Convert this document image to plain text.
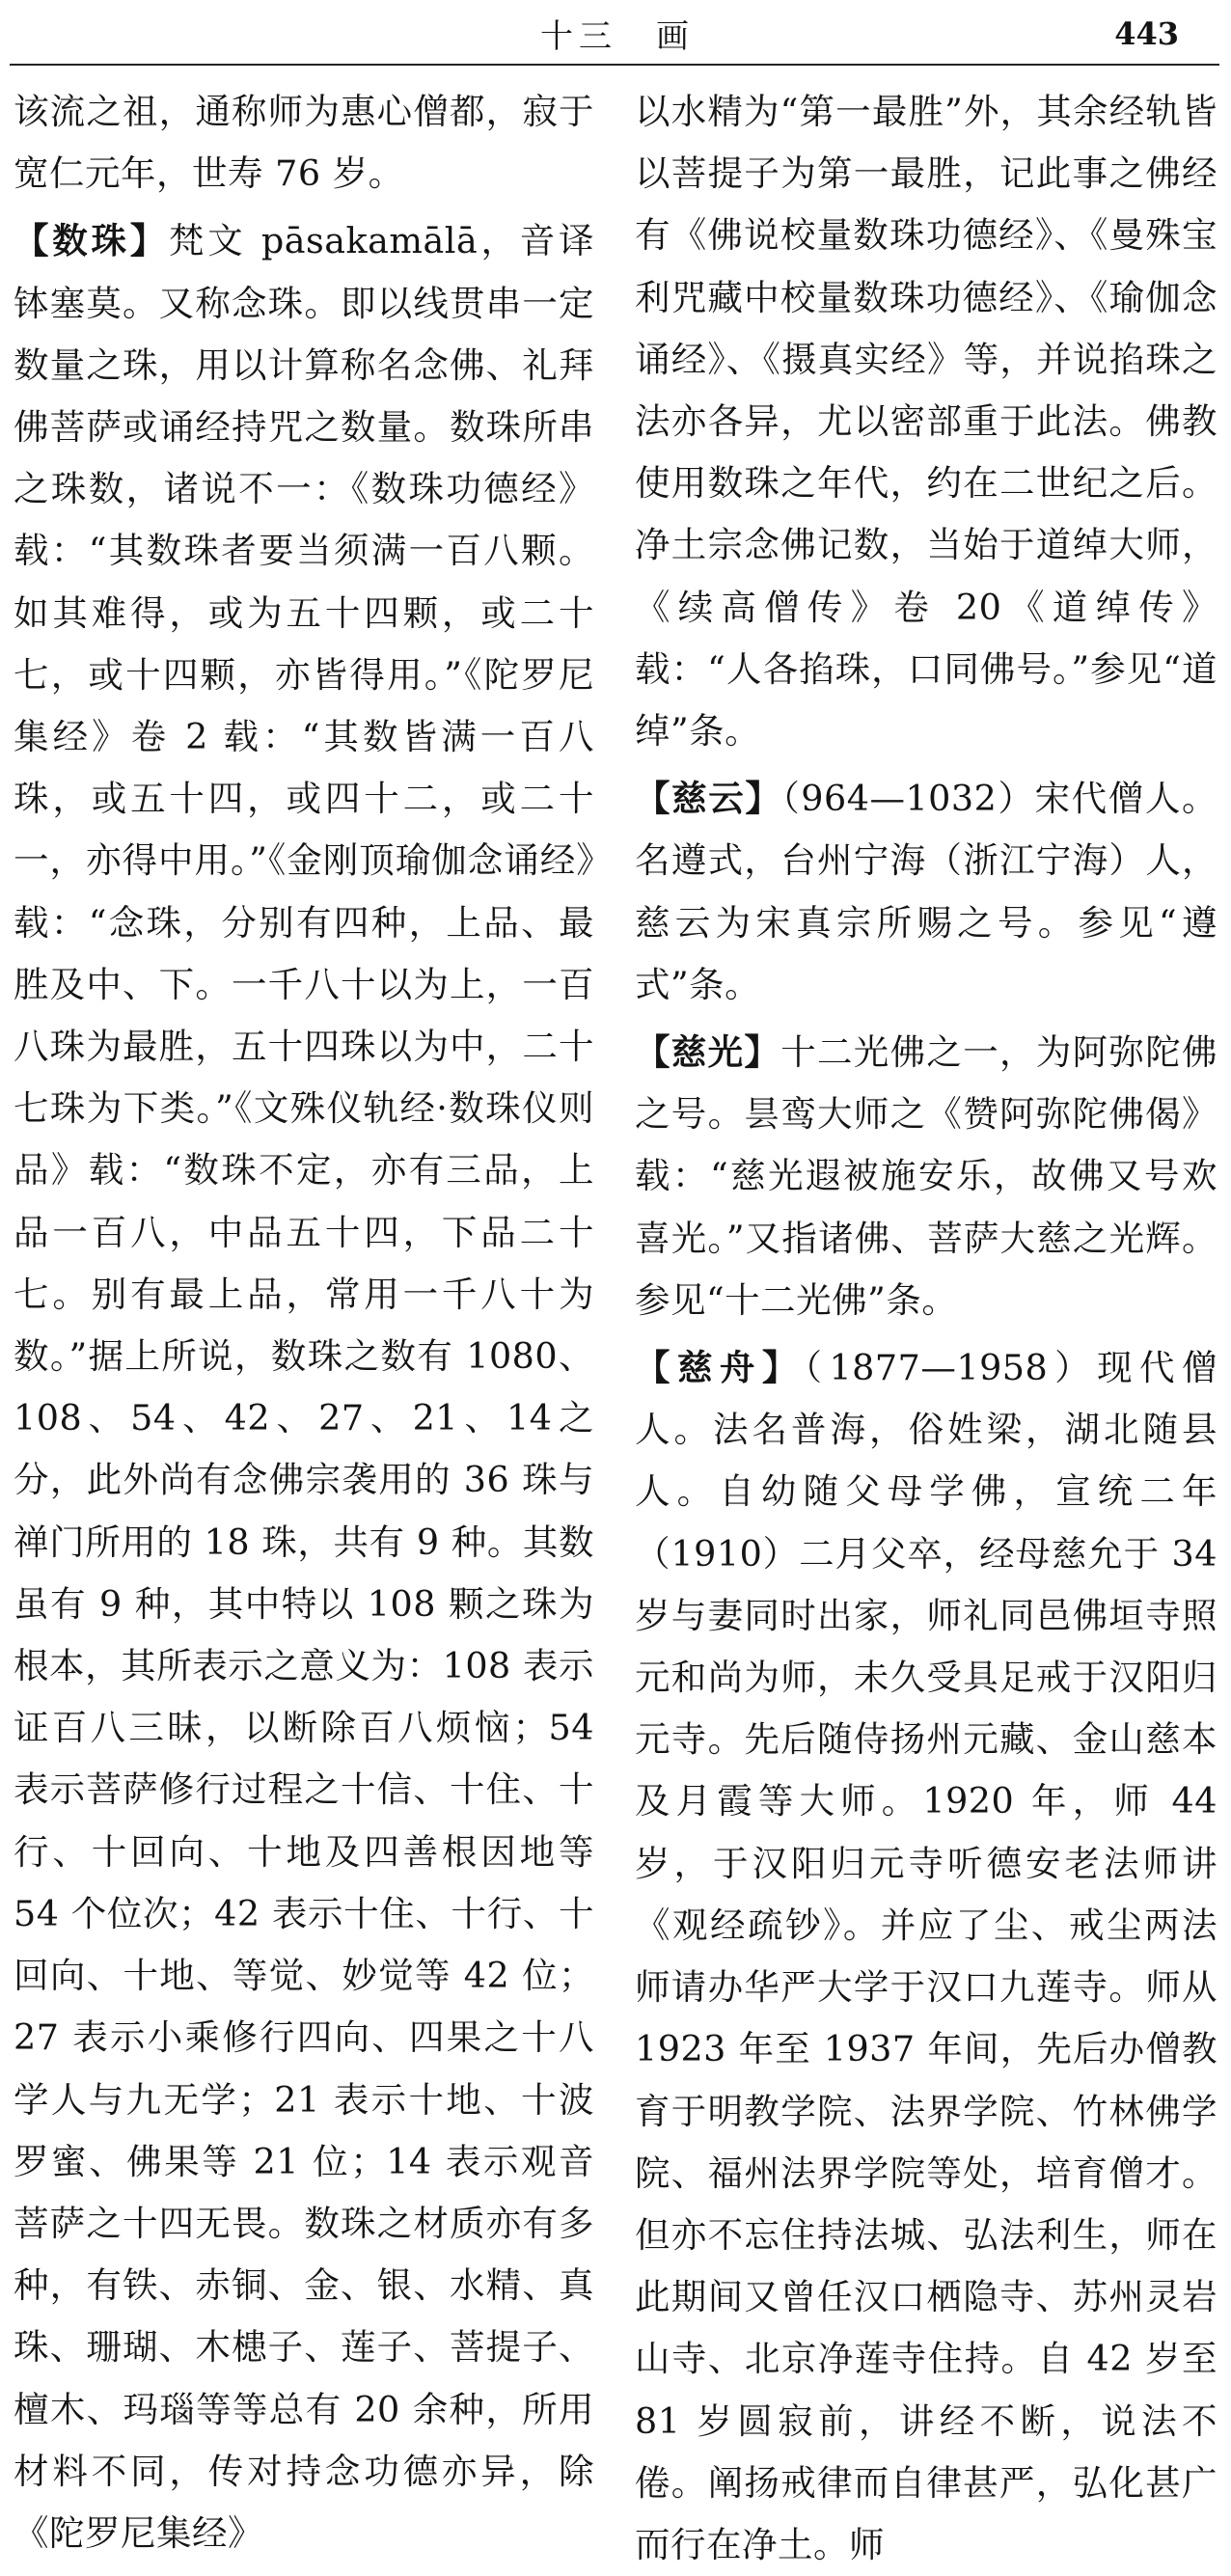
十三　画	443

该流之祖，通称师为惠心僧都，寂于宽仁元年，世寿 76 岁。

【数珠】梵文 pāsakamālā，音译钵塞莫。又称念珠。即以线贯串一定数量之珠，用以计算称名念佛、礼拜佛菩萨或诵经持咒之数量。数珠所串之珠数，诸说不一：《数珠功德经》载：“其数珠者要当须满一百八颗。如其难得，或为五十四颗，或二十七，或十四颗，亦皆得用。”《陀罗尼集经》卷 2 载：“其数皆满一百八珠，或五十四，或四十二，或二十一，亦得中用。”《金刚顶瑜伽念诵经》载：“念珠，分别有四种，上品、最胜及中、下。一千八十以为上，一百八珠为最胜，五十四珠以为中，二十七珠为下类。”《文殊仪轨经·数珠仪则品》载：“数珠不定，亦有三品，上品一百八，中品五十四，下品二十七。别有最上品，常用一千八十为数。”据上所说，数珠之数有 1080、108、54、42、27、21、14之分，此外尚有念佛宗袭用的 36 珠与禅门所用的 18 珠，共有 9 种。其数虽有 9 种，其中特以 108 颗之珠为根本，其所表示之意义为：108 表示证百八三昧，以断除百八烦恼；54 表示菩萨修行过程之十信、十住、十行、十回向、十地及四善根因地等 54 个位次；42 表示十住、十行、十回向、十地、等觉、妙觉等 42 位；27 表示小乘修行四向、四果之十八学人与九无学；21 表示十地、十波罗蜜、佛果等 21 位；14 表示观音菩萨之十四无畏。数珠之材质亦有多种，有铁、赤铜、金、银、水精、真珠、珊瑚、木槵子、莲子、菩提子、檀木、玛瑙等等总有 20 余种，所用材料不同，传对持念功德亦异，除《陀罗尼集经》

以水精为“第一最胜”外，其余经轨皆以菩提子为第一最胜，记此事之佛经有《佛说校量数珠功德经》、《曼殊宝利咒藏中校量数珠功德经》、《瑜伽念诵经》、《摄真实经》等，并说掐珠之法亦各异，尤以密部重于此法。佛教使用数珠之年代，约在二世纪之后。净土宗念佛记数，当始于道绰大师，《续高僧传》卷 20《道绰传》载：“人各掐珠，口同佛号。”参见“道绰”条。

【慈云】（964—1032）宋代僧人。名遵式，台州宁海（浙江宁海）人，慈云为宋真宗所赐之号。参见“遵式”条。

【慈光】十二光佛之一，为阿弥陀佛之号。昙鸾大师之《赞阿弥陀佛偈》载：“慈光遐被施安乐，故佛又号欢喜光。”又指诸佛、菩萨大慈之光辉。参见“十二光佛”条。

【慈舟】（1877—1958）现代僧人。法名普海，俗姓梁，湖北随县人。自幼随父母学佛，宣统二年（1910）二月父卒，经母慈允于 34 岁与妻同时出家，师礼同邑佛垣寺照元和尚为师，未久受具足戒于汉阳归元寺。先后随侍扬州元藏、金山慈本及月霞等大师。1920 年，师 44 岁，于汉阳归元寺听德安老法师讲《观经疏钞》。并应了尘、戒尘两法师请办华严大学于汉口九莲寺。师从1923 年至 1937 年间，先后办僧教育于明教学院、法界学院、竹林佛学院、福州法界学院等处，培育僧才。但亦不忘住持法城、弘法利生，师在此期间又曾任汉口栖隐寺、苏州灵岩山寺、北京净莲寺住持。自 42 岁至 81 岁圆寂前，讲经不断，说法不倦。阐扬戒律而自律甚严，弘化甚广而行在净土。师
